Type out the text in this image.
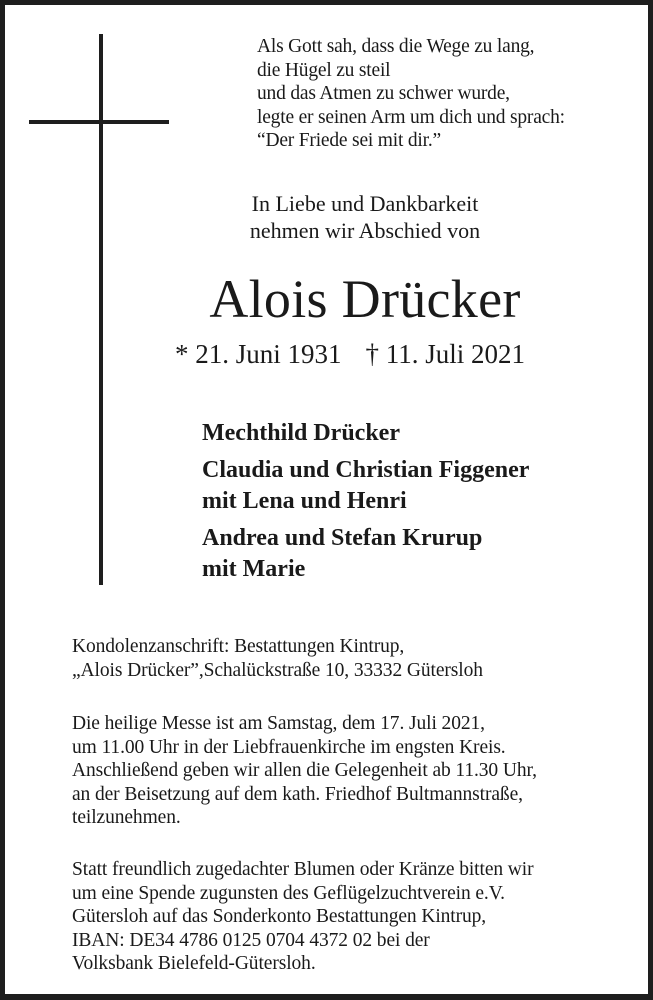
Als Gott sah, dass die Wege zu lang,
die Hügel zu steil
und das Atmen zu schwer wurde,
legte er seinen Arm um dich und sprach:
“Der Friede sei mit dir.”
In Liebe und Dankbarkeit
nehmen wir Abschied von
Alois Drücker
* 21. Juni 1931 † 11. Juli 2021
Mechthild Drücker
Claudia und Christian Figgener
mit Lena und Henri
Andrea und Stefan Krurup
mit Marie
Kondolenzanschrift: Bestattungen Kintrup,
„Alois Drücker”,Schalückstraße 10, 33332 Gütersloh
Die heilige Messe ist am Samstag, dem 17. Juli 2021,
um 11.00 Uhr in der Liebfrauenkirche im engsten Kreis.
Anschließend geben wir allen die Gelegenheit ab 11.30 Uhr,
an der Beisetzung auf dem kath. Friedhof Bultmannstraße,
teilzunehmen.
Statt freundlich zugedachter Blumen oder Kränze bitten wir
um eine Spende zugunsten des Geflügelzuchtverein e.V.
Gütersloh auf das Sonderkonto Bestattungen Kintrup,
IBAN: DE34 4786 0125 0704 4372 02 bei der
Volksbank Bielefeld-Gütersloh.
